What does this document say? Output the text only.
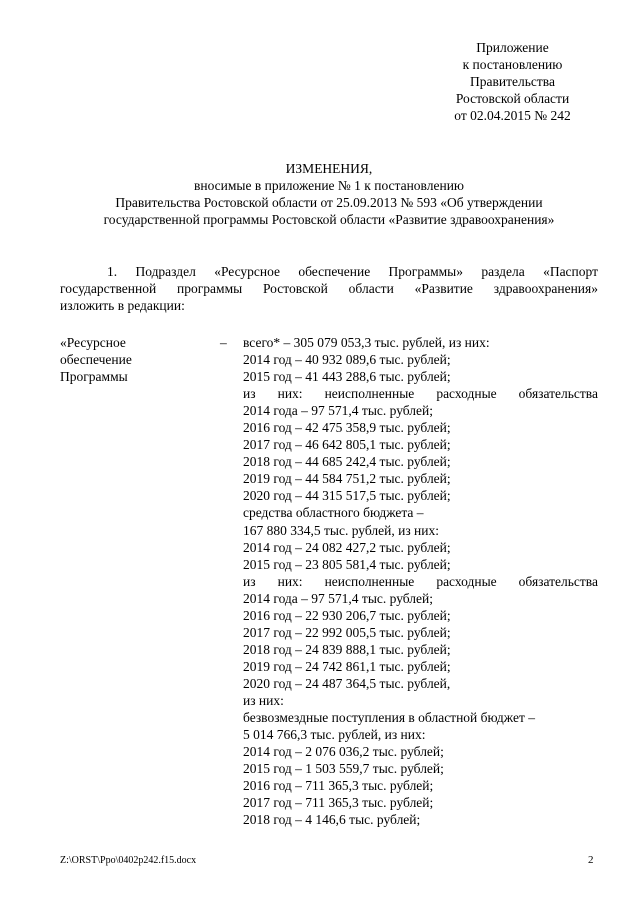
Приложение
к постановлению
Правительства
Ростовской области
от 02.04.2015 № 242
ИЗМЕНЕНИЯ,
вносимые в приложение № 1 к постановлению
Правительства Ростовской области от 25.09.2013 № 593 «Об утверждении
государственной программы Ростовской области «Развитие здравоохранения»
1. Подраздел «Ресурсное обеспечение Программы» раздела «Паспорт
государственной программы Ростовской области «Развитие здравоохранения»
изложить в редакции:
«Ресурсное
обеспечение
Программы
– всего* – 305 079 053,3 тыс. рублей, из них:
2014 год – 40 932 089,6 тыс. рублей;
2015 год – 41 443 288,6 тыс. рублей;
из них: неисполненные расходные обязательства
2014 года – 97 571,4 тыс. рублей;
2016 год – 42 475 358,9 тыс. рублей;
2017 год – 46 642 805,1 тыс. рублей;
2018 год – 44 685 242,4 тыс. рублей;
2019 год – 44 584 751,2 тыс. рублей;
2020 год – 44 315 517,5 тыс. рублей;
средства областного бюджета –
167 880 334,5 тыс. рублей, из них:
2014 год – 24 082 427,2 тыс. рублей;
2015 год – 23 805 581,4 тыс. рублей;
из них: неисполненные расходные обязательства
2014 года – 97 571,4 тыс. рублей;
2016 год – 22 930 206,7 тыс. рублей;
2017 год – 22 992 005,5 тыс. рублей;
2018 год – 24 839 888,1 тыс. рублей;
2019 год – 24 742 861,1 тыс. рублей;
2020 год – 24 487 364,5 тыс. рублей,
из них:
безвозмездные поступления в областной бюджет –
5 014 766,3 тыс. рублей, из них:
2014 год – 2 076 036,2 тыс. рублей;
2015 год – 1 503 559,7 тыс. рублей;
2016 год – 711 365,3 тыс. рублей;
2017 год – 711 365,3 тыс. рублей;
2018 год – 4 146,6 тыс. рублей;
Z:\ORST\Ppo\0402p242.f15.docx	2
